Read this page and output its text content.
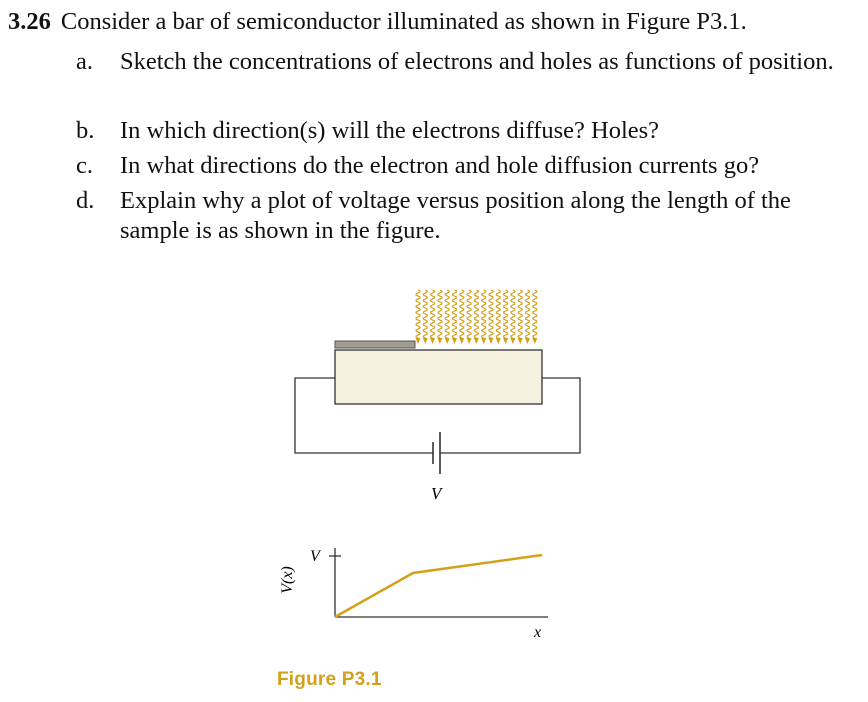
3.26 Consider a bar of semiconductor illuminated as shown in Figure P3.1.
a. Sketch the concentrations of electrons and holes as functions of position.
b. In which direction(s) will the electrons diffuse? Holes?
c. In what directions do the electron and hole diffusion currents go?
d. Explain why a plot of voltage versus position along the length of the sample is as shown in the figure.
V
V
x
V(x)
Figure P3.1
